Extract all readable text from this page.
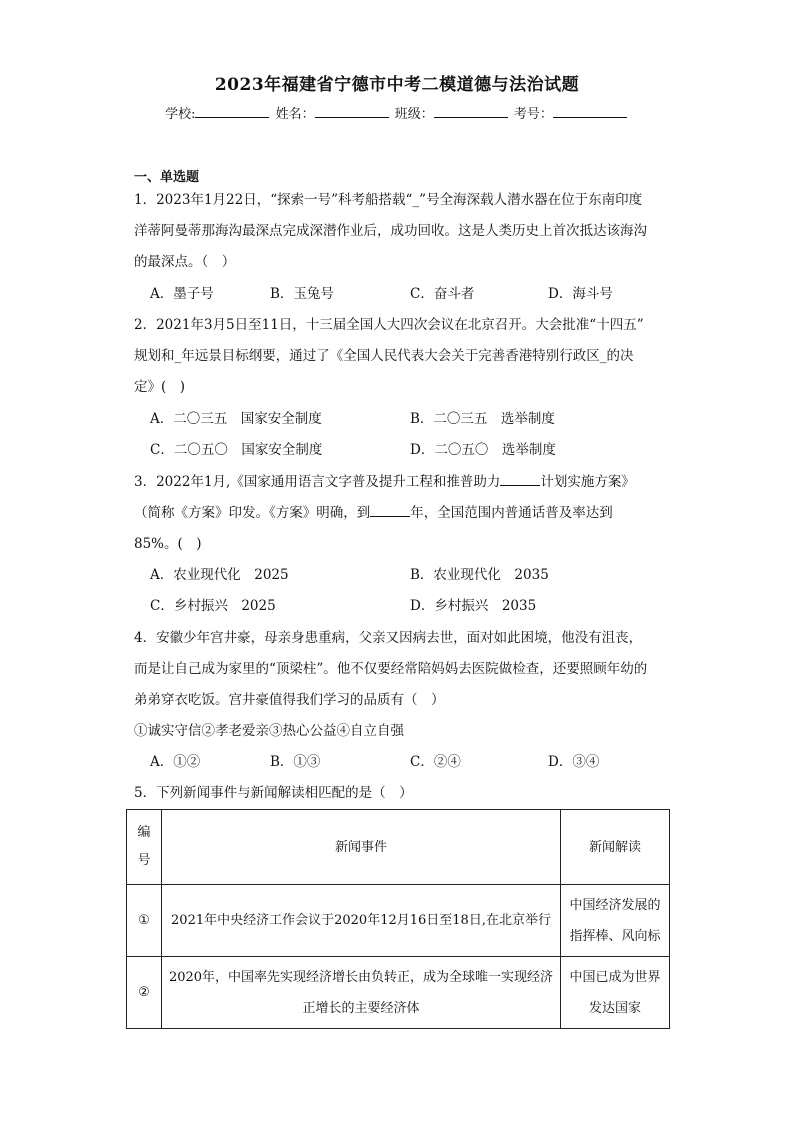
2023年福建省宁德市中考二模道德与法治试题
学校:	姓名：	班级：	考号：
一、单选题
1．2023年1月22日，“探索一号”科考船搭载“_”号全海深载人潜水器在位于东南印度
洋蒂阿曼蒂那海沟最深点完成深潜作业后，成功回收。这是人类历史上首次抵达该海沟
的最深点。（　）
A．墨子号	B．玉兔号	C．奋斗者	D．海斗号
2．2021年3月5日至11日，十三届全国人大四次会议在北京召开。大会批准“十四五”
规划和_年远景目标纲要，通过了《全国人民代表大会关于完善香港特别行政区_的决
定》(　)
A．二〇三五　国家安全制度	B．二〇三五　选举制度
C．二〇五〇　国家安全制度	D．二〇五〇　选举制度
3．2022年1月,《国家通用语言文字普及提升工程和推普助力	计划实施方案》
（简称《方案》印发。《方案》明确，到	年，全国范围内普通话普及率达到
85%。(　)
A．农业现代化　2025	B．农业现代化　2035
C．乡村振兴　2025	D．乡村振兴　2035
4．安徽少年宫井豪，母亲身患重病，父亲又因病去世，面对如此困境，他没有沮丧，
而是让自己成为家里的“顶梁柱”。他不仅要经常陪妈妈去医院做检查，还要照顾年幼的
弟弟穿衣吃饭。宫井豪值得我们学习的品质有（　）
①诚实守信②孝老爱亲③热心公益④自立自强
A．①②	B．①③	C．②④	D．③④
5．下列新闻事件与新闻解读相匹配的是（　）
编号	新闻事件	新闻解读
①	2021年中央经济工作会议于2020年12月16日至18日,在北京举行	中国经济发展的指挥棒、风向标
②	2020年，中国率先实现经济增长由负转正，成为全球唯一实现经济正增长的主要经济体	中国已成为世界发达国家
